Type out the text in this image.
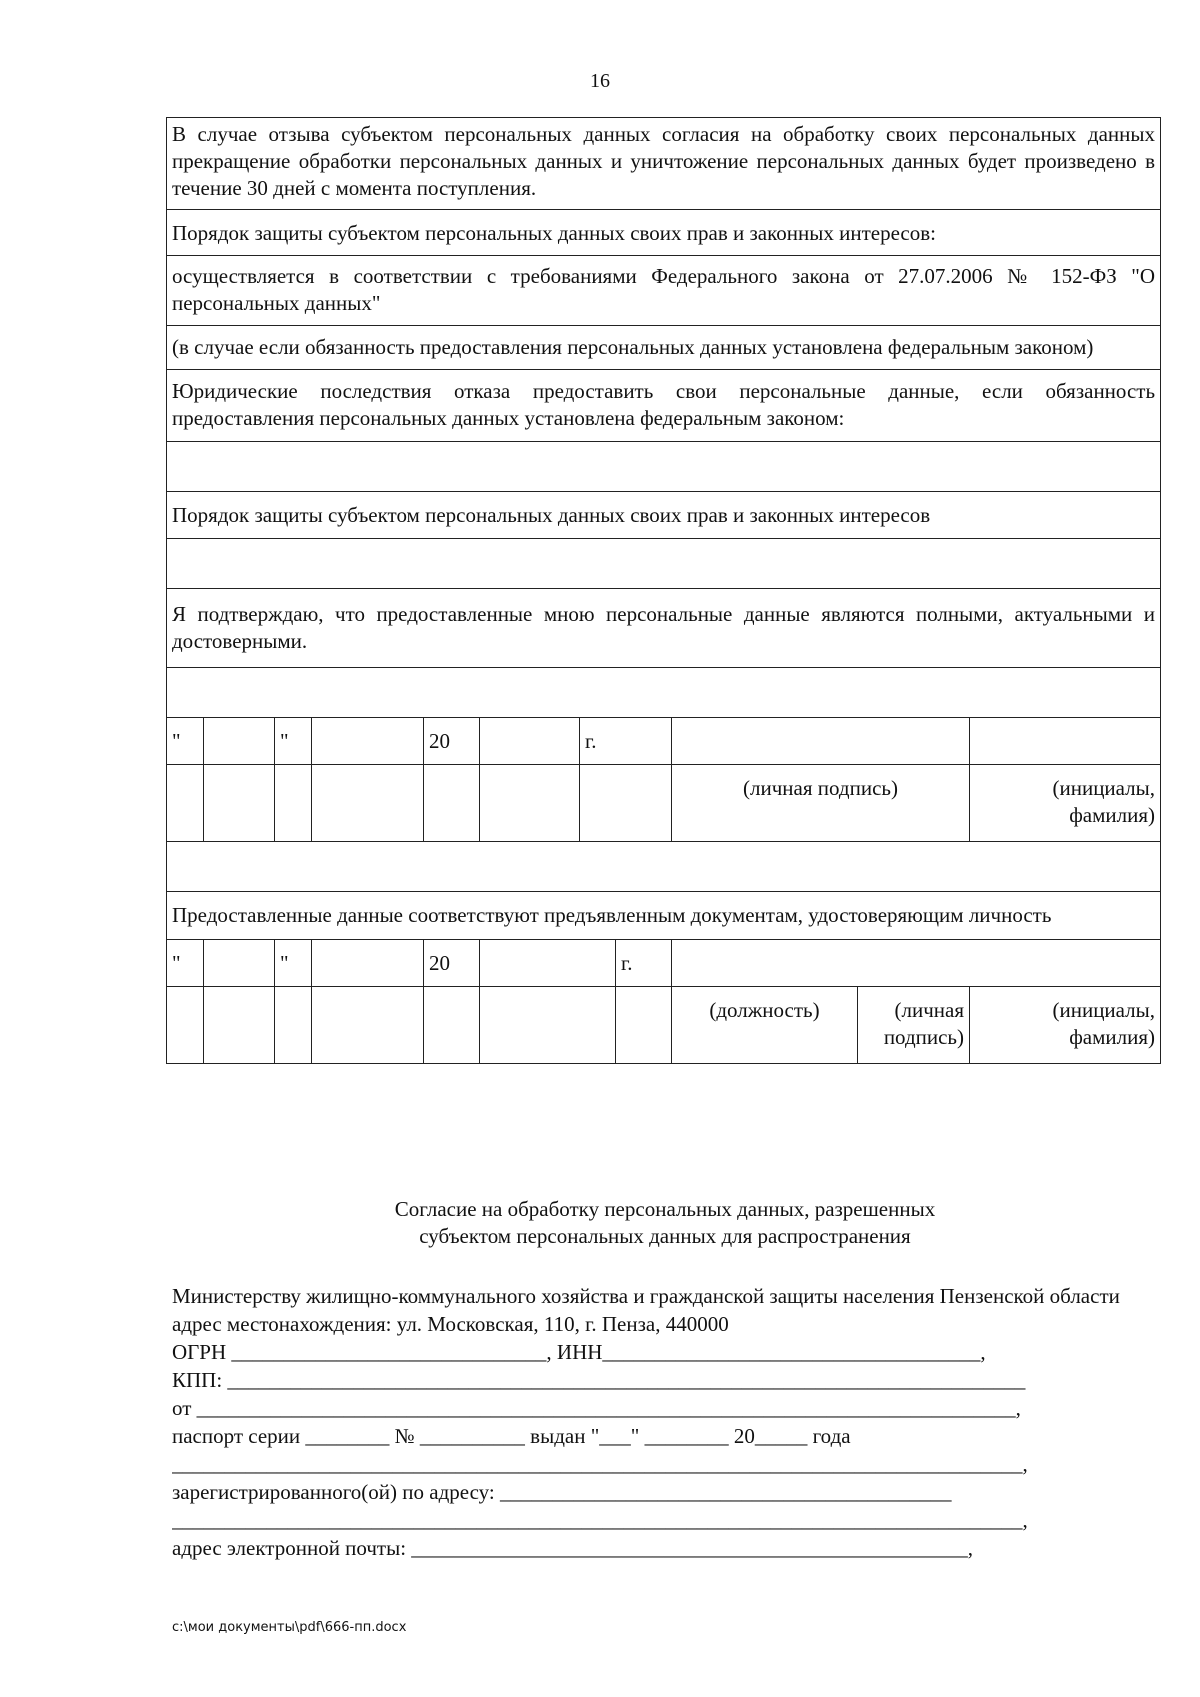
16
В случае отзыва субъектом персональных данных согласия на обработку своих персональных данных прекращение обработки персональных данных и уничтожение персональных данных будет произведено в течение 30 дней с момента поступления.										
Порядок защиты субъектом персональных данных своих прав и законных интересов:										
осуществляется в соответствии с требованиями Федерального закона от 27.07.2006 № 152-ФЗ "О персональных данных"										
(в случае если обязанность предоставления персональных данных установлена федеральным законом)										
Юридические последствия отказа предоставить свои персональные данные, если обязанность предоставления персональных данных установлена федеральным законом:										

Порядок защиты субъектом персональных данных своих прав и законных интересов										

Я подтверждаю, что предоставленные мною персональные данные являются полными, актуальными и достоверными.										

"		"		20		г.				
								(личная подпись)		(инициалы, фамилия)

Предоставленные данные соответствуют предъявленным документам, удостоверяющим личность										
"		"		20			г.			
								(должность)	(личная подпись)	(инициалы, фамилия)
Согласие на обработку персональных данных, разрешенных
субъектом персональных данных для распространения
Министерству жилищно-коммунального хозяйства и гражданской защиты населения Пензенской области
адрес местонахождения: ул. Московская, 110, г. Пенза, 440000
ОГРН ______________________________, ИНН____________________________________,
КПП: ____________________________________________________________________________
от ______________________________________________________________________________,
паспорт серии ________ № __________ выдан "___" ________ 20_____ года
_________________________________________________________________________________,
зарегистрированного(ой) по адресу: ___________________________________________
_________________________________________________________________________________,
адрес электронной почты: _____________________________________________________,
c:\мои документы\pdf\666-пп.docx
